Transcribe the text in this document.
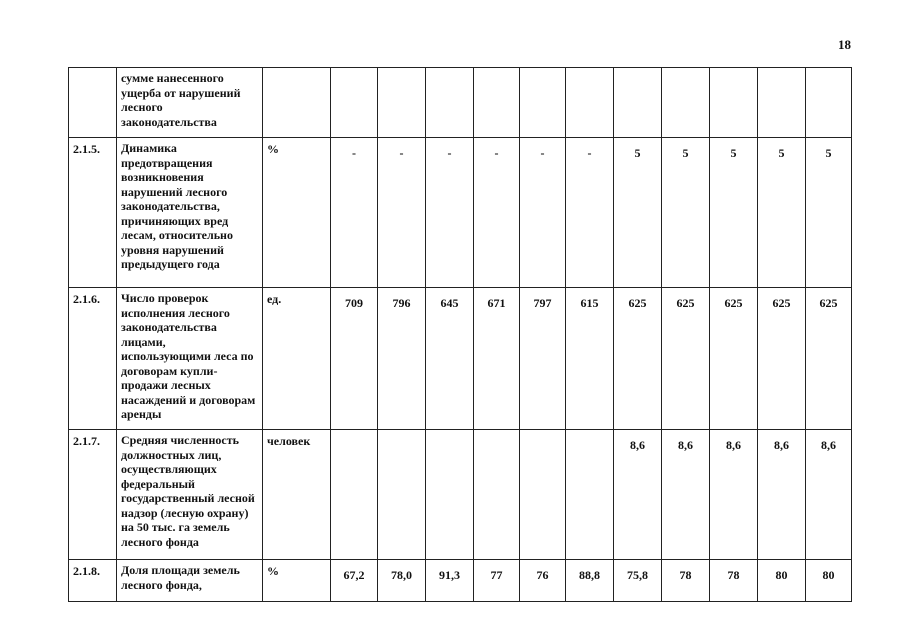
18
	сумме нанесенного ущерба от нарушений лесного законодательства												
2.1.5.	Динамика предотвращения возникновения нарушений лесного законодательства, причиняющих вред лесам, относительно уровня нарушений предыдущего года	%	-	-	-	-	-	-	5	5	5	5	5
2.1.6.	Число проверок исполнения лесного законодательства лицами, использующими леса по договорам купли-продажи лесных насаждений и договорам аренды	ед.	709	796	645	671	797	615	625	625	625	625	625
2.1.7.	Средняя численность должностных лиц, осуществляющих федеральный государственный лесной надзор (лесную охрану) на 50 тыс. га земель лесного фонда	человек							8,6	8,6	8,6	8,6	8,6
2.1.8.	Доля площади земель лесного фонда,	%	67,2	78,0	91,3	77	76	88,8	75,8	78	78	80	80
